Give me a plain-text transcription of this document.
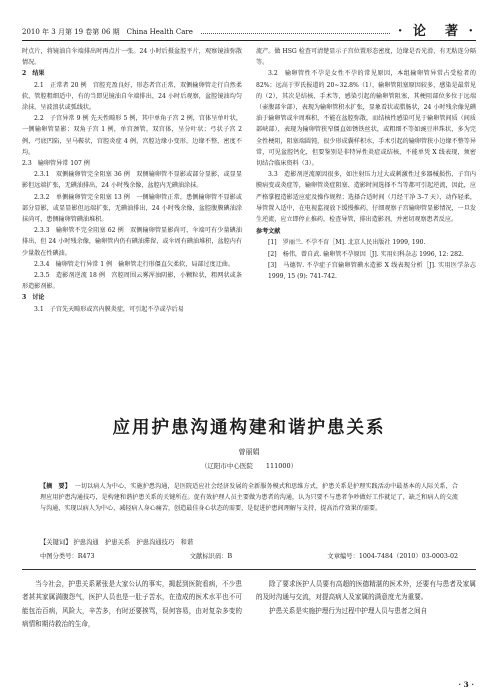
2010 年 3 月第 19 卷第 06 期　China Health Care	· 论　著 ·

时点片，将镜油自伞端排出时再点片一张。24 小时后摄盆腔平片，观察镜油弥散情况。

2　结果

2.1　正常者 20 例　宫腔充盈良好，形态者宫正常，双侧输卵管走行自然柔软，管腔粗细适中，有的当即见镜油自伞端排出，24 小时后观察，盆腔镜油均匀涂抹，呈波浪状或弧线状。

2.2　子宫异常 9 例 先天性畸形 5 例，其中单角子宫 2 例，宫体呈单叶状，一侧输卵管显影；双角子宫 1 例，单宫颈管，双宫体，呈分叶状；弓状子宫 2 例，弓底凹陷，呈马鞍状，宫腔炎症 4 例，宫腔边缘小变形，边缘不整，密度不均。

2.3　输卵管异常 107 例

2.3.1　双侧输卵管完全阻塞 36 例　双侧输卵管不显影或部分显影，或显显影但远端扩张，无碘油排出，24 小时残余像，盆腔内无碘油涂抹。

2.3.2　单侧输卵管完全阻塞 13 例　一侧输卵管正常，患侧输卵管不显影或部分显影，或显显影但远端扩张，无碘油排出，24 小时残余像，盆腔腹膜碘油涂抹尚可，患侧输卵管碘油堆积。

2.3.3　输卵管不完全阻塞 62 例　双侧输卵管显影尚可，伞端可有少量碘油排出，但 24 小时残余像，输卵管内仍有碘油滞留，或伞周有碘油堆积，盆腔内有少量散在性碘油。

2.3.4　输卵管走行异常 1 例　输卵管走行形僵直欠柔软，局部过度迂曲。

2.3.5　造影剂逆流 18 例　宫腔周围云雾浑浊阴影，小颗粒状，粗网状或条形造影剂影。

3　讨论

3.1　子宫先天畸形或宫内膜炎症，可引起不孕或孕后易

流产。做 HSG 检查可清楚显示子宫位置形态密度，边缘是否光滑，有无粘连分隔等。

3.2　输卵管性不孕是女性不孕的常见原因，本组输卵管异常占受检者的 82%；远高于罗氏报道的 20~32.8%（1），输卵管阻塞原因较多，感染是最常见的（2），其次是结核、手术等，感染引起的输卵管阻塞，其梗阻部位多位于远端（壶腹部伞部），表现为输卵管积水扩张，显象看状或腊肠状，24 小时残余像见碘油于输卵管或伞周堆积，不能在盆腔弥散，而结核性感染可见于输卵管间质（间质部峡部），表现为输卵管狭窄僵直如锈铁丝状，或粗细不等如豌豆串珠状，多为完全性梗阻，阻塞端圆钝，很少形成囊样积水，手术引起的输卵管狭小边缘不整等异常，可见盆腔钙化，但要鉴别是非特异性炎症或结核，不能单凭 X 线表现，须密切结合临床资料（3）。

3.3　造影剂逆流原因很多，如注射压力过大或刺激性过多器械损伤、子宫内膜病变或炎症等，输卵管炎症阻塞、造影时间选择不当等都可引起逆流，因此，应严格掌握造影适应症及操作规程；选择合适时间（月经干净 3–7 天），动作轻柔，导管置入适中，在电视监视放下缓慢推药，仔细观察子宫输卵管显影情况，一旦发生逆流，应立即停止推药，检查导管，排出造影剂，并密切观察患者反应。

参考文献

[1]　罗丽兰. 不孕不育［M]. 北京人民出版社 1999, 190.

[2]　杨伟，曾自武. 输卵管不孕原因［J]. 实用妇科杂志 1996, 12: 282.

[3]　马德智. 不孕症子宫输卵管碘水造影 X 线表现分析［J]. 实用医学杂志 1999, 15 (9): 741-742.

应用护患沟通构建和谐护患关系
曾丽娟
（辽阳市中心医院　　111000）
【摘　要】 一切以病人为中心，实施护患沟通，是医院适应社会经济发展的全新服务模式和思维方式，护患关系是护理实践活动中最基本的人际关系，合理应用护患沟通技巧，是构建和谐护患关系的关键所在。促有效护理人员主要做为患者的沟通，认为只要不与患者争吵做好工作就足了，缺乏和病人的交流与沟通，实现以病人为中心，减轻病人身心痛苦，创造最佳身心状态的需要，是促进护患间理解与支持，提高治疗效果的需要。
【关键词】 护患沟通　护患关系　护患沟通技巧　和谐
中图分类号：R473	文献标识码：B	文章编号：1004-7484（2010）03-0003-02

当今社会，护患关系紧张是大家公认的事实，揭起到医院看病，不少患者甚其家属满腹怨气，医护人员也是一肚子苦水，在造成的医术水平也不可能包治百病，风险大，辛苦多，有时还要挨骂，误何容易，由对复杂多变的病情和期待救治的生命，

除了要求医护人员要有高超的医德精湛的医术外，还要有与患者及家属的及时沟通与交流，对提高病人及家属的满意度尤为重要。

护患关系是实施护理行为过程中护理人员与患者之间自

· 3 ·
